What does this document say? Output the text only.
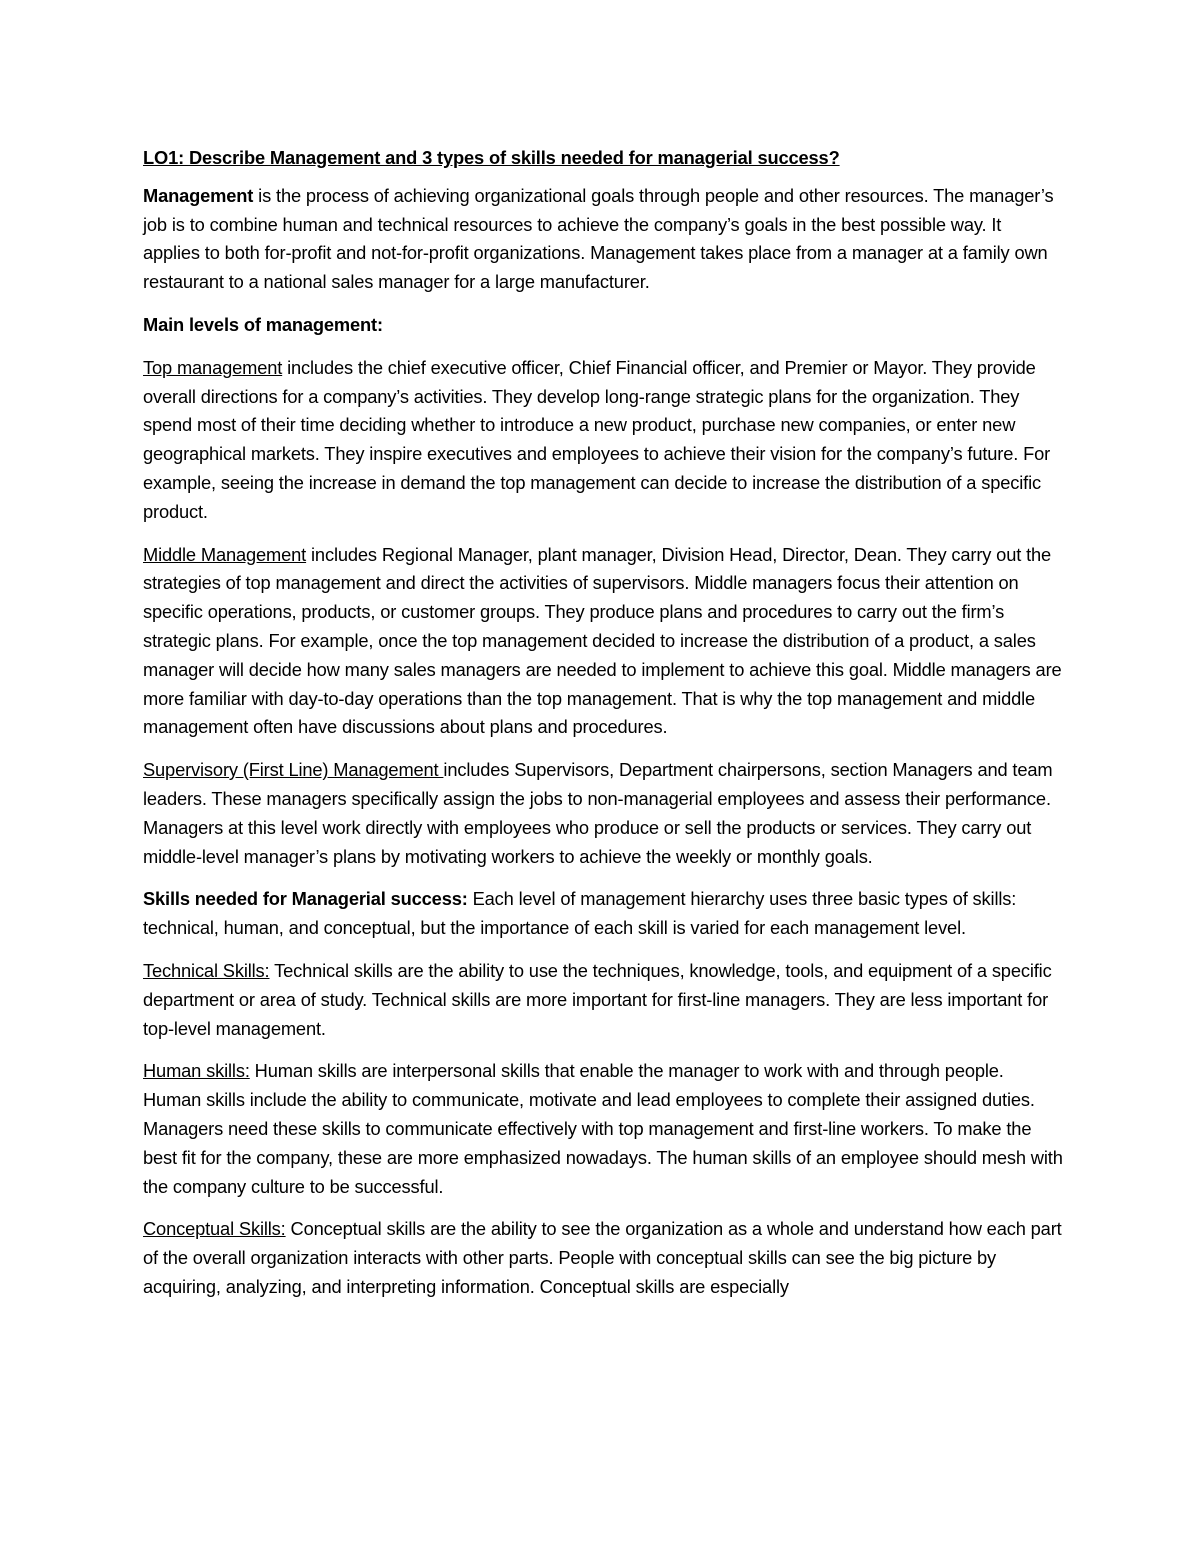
LO1: Describe Management and 3 types of skills needed for managerial success?

Management is the process of achieving organizational goals through people and other resources. The manager’s job is to combine human and technical resources to achieve the company’s goals in the best possible way. It applies to both for-profit and not-for-profit organizations. Management takes place from a manager at a family own restaurant to a national sales manager for a large manufacturer.

Main levels of management:

Top management includes the chief executive officer, Chief Financial officer, and Premier or Mayor. They provide overall directions for a company’s activities. They develop long-range strategic plans for the organization. They spend most of their time deciding whether to introduce a new product, purchase new companies, or enter new geographical markets. They inspire executives and employees to achieve their vision for the company’s future. For example, seeing the increase in demand the top management can decide to increase the distribution of a specific product.

Middle Management includes Regional Manager, plant manager, Division Head, Director, Dean. They carry out the strategies of top management and direct the activities of supervisors. Middle managers focus their attention on specific operations, products, or customer groups. They produce plans and procedures to carry out the firm’s strategic plans. For example, once the top management decided to increase the distribution of a product, a sales manager will decide how many sales managers are needed to implement to achieve this goal. Middle managers are more familiar with day-to-day operations than the top management. That is why the top management and middle management often have discussions about plans and procedures.

Supervisory (First Line) Management includes Supervisors, Department chairpersons, section Managers and team leaders. These managers specifically assign the jobs to non-managerial employees and assess their performance. Managers at this level work directly with employees who produce or sell the products or services. They carry out middle-level manager’s plans by motivating workers to achieve the weekly or monthly goals.

Skills needed for Managerial success: Each level of management hierarchy uses three basic types of skills: technical, human, and conceptual, but the importance of each skill is varied for each management level.

Technical Skills: Technical skills are the ability to use the techniques, knowledge, tools, and equipment of a specific department or area of study. Technical skills are more important for first-line managers. They are less important for top-level management.

Human skills: Human skills are interpersonal skills that enable the manager to work with and through people. Human skills include the ability to communicate, motivate and lead employees to complete their assigned duties. Managers need these skills to communicate effectively with top management and first-line workers. To make the best fit for the company, these are more emphasized nowadays. The human skills of an employee should mesh with the company culture to be successful.

Conceptual Skills: Conceptual skills are the ability to see the organization as a whole and understand how each part of the overall organization interacts with other parts. People with conceptual skills can see the big picture by acquiring, analyzing, and interpreting information. Conceptual skills are especially
